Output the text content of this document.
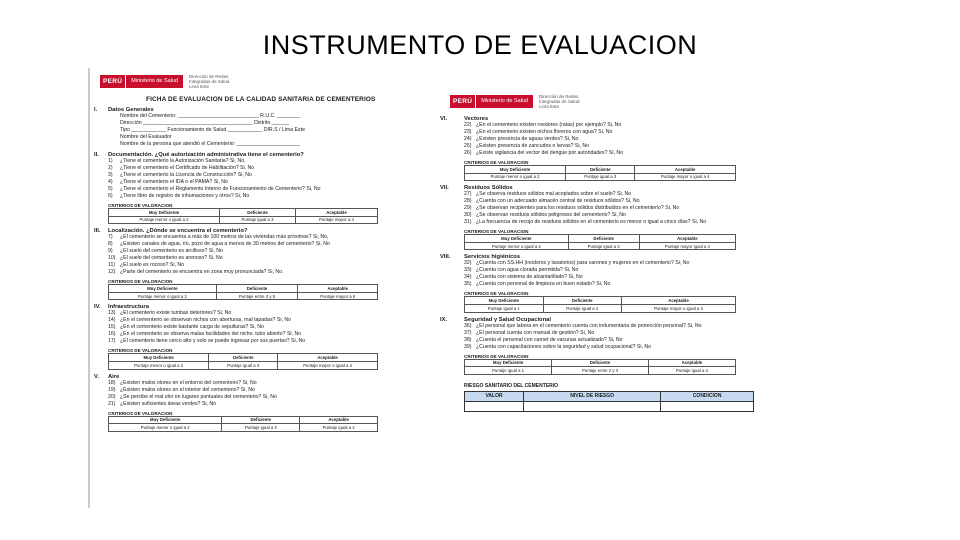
INSTRUMENTO DE EVALUACION
PERÚ	Ministerio de Salud
Dirección de Redes Integradas de Salud Lima Este
FICHA DE EVALUACION DE LA CALIDAD SANITARIA DE CEMENTERIOS
I.	Datos Generales
Nombre del Cementerio: ____________________________ R.U.C. ________
Dirección ______________________________________ Distrito ______
Tipo ____________ Funcionamiento de Salud ____________ DIR.S / Lima Este
Nombre del Evaluador
Nombre de la persona que atendió el Cementerio: ______________________
II.	Documentación. ¿Qué autorización administrativa tiene el cementerio?
1) ¿Tiene el cementerio la Autorización Sanitaria? Si, No,
2) ¿Tiene el cementerio el Certificado de Habilitación? Si, No
3) ¿Tiene el cementerio la Licencia de Construcción? Si, No
4) ¿Tiene el cementerio el IDA o el PAMA? Si, No
5) ¿Tiene el cementerio el Reglamento Interno de Funcionamiento de Cementerio? Si, No
6) ¿Tiene libro de registro de inhumaciones y otros? Si, No
CRITERIOS DE VALORACION
Muy Deficiente	Deficiente	Aceptable
Puntaje menor o igual a 2	Puntaje igual a 3	Puntaje mayor a 4
III.	Localización. ¿Dónde se encuentra el cementerio?
7) ¿El cementerio se encuentra a más de 100 metros de las viviendas más próximas? Si, No,
8) ¿Existen canales de agua, río, pozo de agua a menos de 30 metros del cementerio? Si, No
9) ¿El suelo del cementerio es arcilloso? Si, No
10) ¿El suelo del cementerio es arenoso? Si, No
11) ¿El suelo es rocoso? Si, No
12) ¿Parte del cementerio se encuentra en zona muy pronunciada? Si, No.
CRITERIOS DE VALORACION
Muy Deficiente	Deficiente	Aceptable
Puntaje menor o igual a 2	Puntaje entre 3 y 5	Puntaje mayor a 6
IV.	Infraestructura
13) ¿El cementerio existe tumbas deteriores? Si, No
14) ¿En el cementerio se observan nichos con aberturas, mal tapadas? Si, No
15) ¿En el cementerio existe bastante carga de sepulturas? Si, No
16) ¿En el cementerio se observa malas facilidades del nicho. tubo abierto? Si, No
17) ¿El cementerio tiene cerco alto y solo se puede ingresar por sus puertas? Si, No
CRITERIOS DE VALORACION
Muy Deficiente	Deficiente	Aceptable
Puntaje menor o igual a 2	Puntaje igual a 3	Puntaje mayor o igual a 4
V.	Aire
18) ¿Existen malos olores en el entorno del cementerio? Si, No
19) ¿Existen malos olores en el interior del cementerio? Si, No
20) ¿Se percibe el mal olor en lugares puntuales del cementerio? Si, No
21) ¿Existen suficientes áreas verdes? Si, No
CRITERIOS DE VALORACION
Muy Deficiente	Deficiente	Aceptable
Puntaje menor o igual a 2	Puntaje igual a 3	Puntaje igual a 4
PERÚ	Ministerio de Salud
Dirección de Redes Integradas de Salud Lima Este
VI.	Vectores
22) ¿En el cementerio existen roedores (ratas) por ejemplo? Si, No
23) ¿En el cementerio existen nichos floreros con agua? Si, No
24) ¿Existen presencia de aguas verdes? Si, No
25) ¿Existen presencia de zancudos o larvas? Si, No
26) ¿Existe vigilancia del vector del dengue por autoridades? Si, No
CRITERIOS DE VALORACION
Muy Deficiente	Deficiente	Aceptable
Puntaje menor o igual a 2	Puntaje igual a 3	Puntaje mayor o igual a 4
VII.	Residuos Sólidos
27) ¿Se observa residuos sólidos mal acopiados sobre el suelo? Si, No
28) ¿Cuenta con un adecuado almacén central de residuos sólidos? Si, No
29) ¿Se observan recipientes para los residuos sólidos distribuidos en el cementerio? Si, No
30) ¿Se observan residuos sólidos peligrosos del cementerio? Si, No
31) ¿La frecuencia de recojo de residuos sólidos en el cementerio es menor o igual a cinco días? Si, No
CRITERIOS DE VALORACION
Muy Deficiente	Deficiente	Aceptable
Puntaje menor o igual a 2	Puntaje igual a 3	Puntaje mayor igual a 4
VIII.	Servicios higiénicos
32) ¿Cuenta con SS.HH (inodoros y lavatorios) para varones y mujeres en el cementerio? Si, No
33) ¿Cuenta con agua clorada permitida? Si, No
34) ¿Cuenta con sistema de alcantarillado? Si, No
35) ¿Cuenta con personal de limpieza en buen estado? Si, No
CRITERIOS DE VALORACION
Muy Deficiente	Deficiente	Aceptable
Puntaje igual a 1	Puntaje igual a 2	Puntaje mayor o igual a 3
IX.	Seguridad y Salud Ocupacional
36) ¿El personal que labora en el cementerio cuenta con indumentaria de protección personal? Si, No
37) ¿El personal cuenta con manual de gestión? Si, No
38) ¿Cuenta el personal con carnet de vacunas actualizado? Si, No
39) ¿Cuenta con capacitaciones sobre la seguridad y salud ocupacional? Si, No
CRITERIOS DE VALORACION
Muy Deficiente	Deficiente	Aceptable
Puntaje igual a 1	Puntaje entre 2 y 3	Puntaje igual a 4
RIESGO SANITARIO DEL CEMENTERIO
VALOR	NIVEL DE RIESGO	CONDICION
